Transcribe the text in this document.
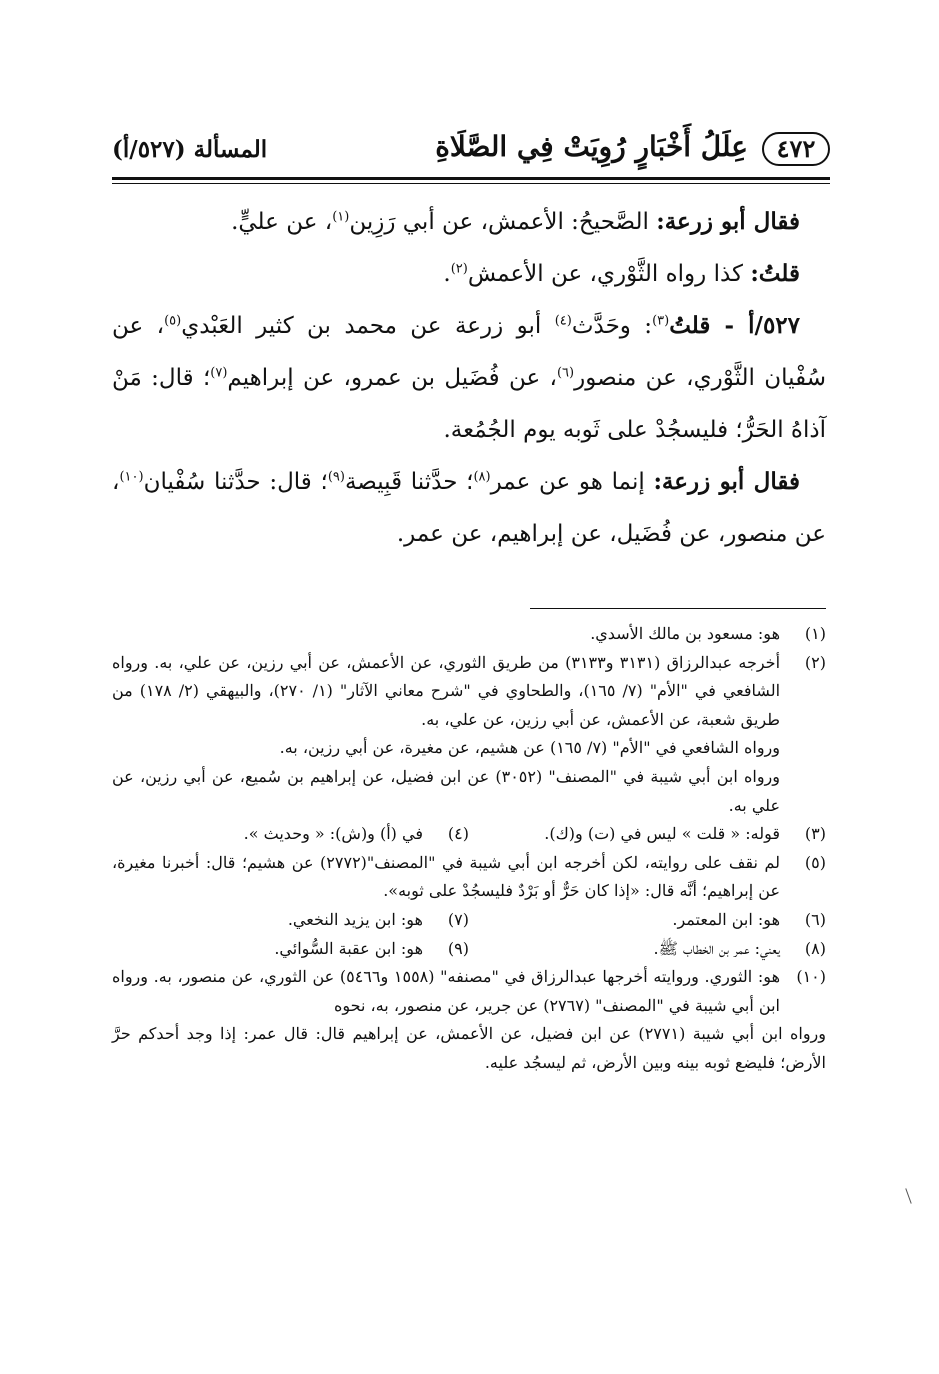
٤٧٢
عِلَلُ أَخْبَارٍ رُوِيَتْ فِي الصَّلَاةِ
المسألة (٥٢٧/أ)

فقال أبو زرعة: الصَّحيحُ: الأعمش، عن أبي رَزِين$^{(١)}$، عن عليٍّ.

قلتُ: كذا رواه الثَّوْري، عن الأعمش$^{(٢)}$.

٥٢٧/أ - قلتُ$^{(٣)}$: وحَدَّث$^{(٤)}$ أبو زرعة عن محمد بن كثير العَبْدي$^{(٥)}$، عن سُفْيان الثَّوْري، عن منصور$^{(٦)}$، عن فُضَيل بن عمرو، عن إبراهيم$^{(٧)}$؛ قال: مَنْ آذاهُ الحَرُّ؛ فليسجُدْ على ثَوبه يوم الجُمُعة.

فقال أبو زرعة: إنما هو عن عمر$^{(٨)}$؛ حدَّثنا قَبِيصة$^{(٩)}$؛ قال: حدَّثنا سُفْيان$^{(١٠)}$، عن منصور، عن فُضَيل، عن إبراهيم، عن عمر.

(١)

هو: مسعود بن مالك الأسدي.

(٢)

أخرجه عبدالرزاق (٣١٣١ و٣١٣٣) من طريق الثوري، عن الأعمش، عن أبي رزين، عن علي، به. ورواه الشافعي في "الأم" (٧/ ١٦٥)، والطحاوي في "شرح معاني الآثار" (١/ ٢٧٠)، والبيهقي (٢/ ١٧٨) من طريق شعبة، عن الأعمش، عن أبي رزين، عن علي، به.

ورواه الشافعي في "الأم" (٧/ ١٦٥) عن هشيم، عن مغيرة، عن أبي رزين، به.

ورواه ابن أبي شيبة في "المصنف" (٣٠٥٢) عن ابن فضيل، عن إبراهيم بن سُميع، عن أبي رزين، عن علي به.

(٣)
قوله: « قلت » ليس في (ت) و(ك).
(٤)
في (أ) و(ش): « وحديث ».
(٥)

لم نقف على روايته، لكن أخرجه ابن أبي شيبة في "المصنف"(٢٧٧٢) عن هشيم؛ قال: أخبرنا مغيرة، عن إبراهيم؛ أنَّه قال: «إذا كان حَرٌّ أو بَرْدٌ فليسجُدْ على ثوبه».

(٦)
هو: ابن المعتمر.
(٧)
هو: ابن يزيد النخعي.
(٨)
يعني: عمر بن الخطاب ﷺ.
(٩)
هو: ابن عقبة السُّوائي.
(١٠)

هو: الثوري. وروايته أخرجها عبدالرزاق في "مصنفه" (١٥٥٨ و٥٤٦٦) عن الثوري، عن منصور، به. ورواه ابن أبي شيبة في "المصنف" (٢٧٦٧) عن جرير، عن منصور، به، نحوه

ورواه ابن أبي شيبة (٢٧٧١) عن ابن فضيل، عن الأعمش، عن إبراهيم قال: قال عمر: إذا وجد أحدكم حرَّ الأرض؛ فليضع ثوبه بينه وبين الأرض، ثم ليسجُد عليه.
